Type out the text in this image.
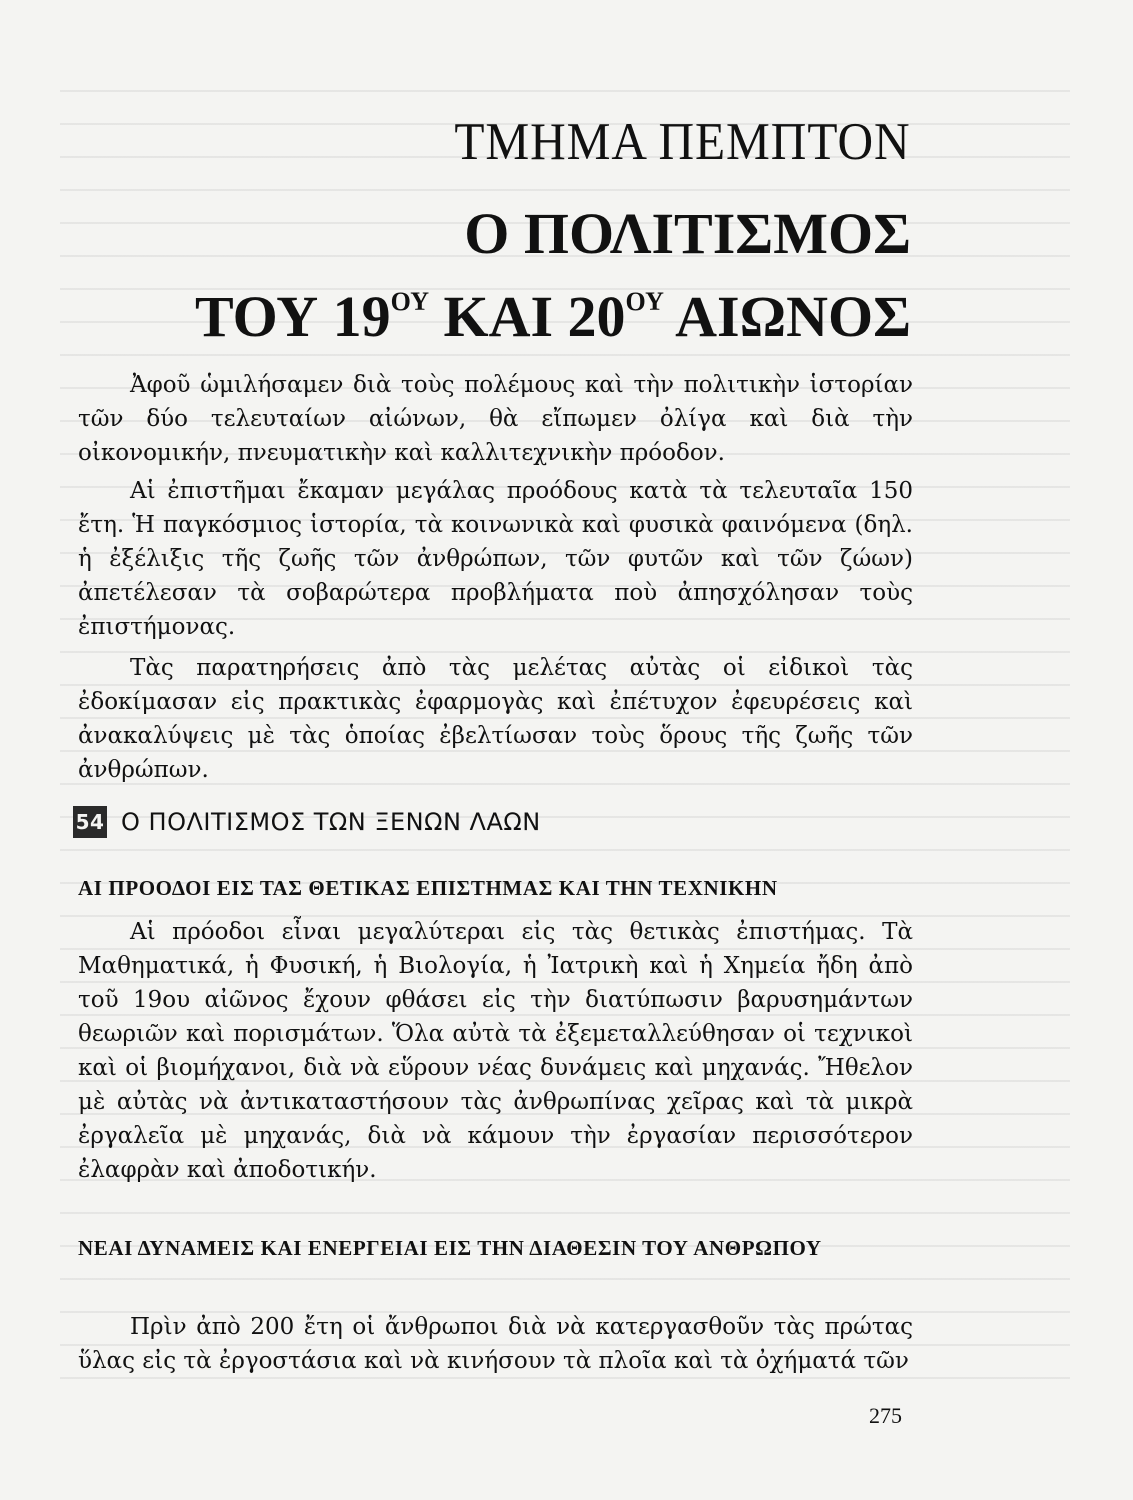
ΤΜΗΜΑ ΠΕΜΠΤΟΝ
Ο ΠΟΛΙΤΙΣΜΟΣ
ΤΟΥ $19^{O\Upsilon}$ ΚΑΙ $20^{O\Upsilon}$ ΑΙΩΝΟΣ

Ἀφοῦ ὡμιλήσαμεν διὰ τοὺς πολέμους καὶ τὴν πολιτικὴν ἱστορίαν τῶν δύο τελευταίων αἰώνων, θὰ εἴπωμεν ὀλίγα καὶ διὰ τὴν οἰκονομικήν, πνευματικὴν καὶ καλλιτεχνικὴν πρόοδον.

Αἱ ἐπιστῆμαι ἔκαμαν μεγάλας προόδους κατὰ τὰ τελευταῖα 150 ἔτη. Ἡ παγκόσμιος ἱστορία, τὰ κοινωνικὰ καὶ φυσικὰ φαινόμενα (δηλ. ἡ ἐξέλιξις τῆς ζωῆς τῶν ἀνθρώπων, τῶν φυτῶν καὶ τῶν ζώων) ἀπετέλεσαν τὰ σοβαρώτερα προβλήματα ποὺ ἀπησχόλησαν τοὺς ἐπιστήμονας.

Τὰς παρατηρήσεις ἀπὸ τὰς μελέτας αὐτὰς οἱ εἰδικοὶ τὰς ἐδοκίμασαν εἰς πρακτικὰς ἐφαρμογὰς καὶ ἐπέτυχον ἐφευρέσεις καὶ ἀνακαλύψεις μὲ τὰς ὁποίας ἐβελτίωσαν τοὺς ὅρους τῆς ζωῆς τῶν ἀνθρώπων.

54 Ο ΠΟΛΙΤΙΣΜΟΣ ΤΩΝ ΞΕΝΩΝ ΛΑΩΝ
ΑΙ ΠΡΟΟΔΟΙ ΕΙΣ ΤΑΣ ΘΕΤΙΚΑΣ ΕΠΙΣΤΗΜΑΣ ΚΑΙ ΤΗΝ ΤΕΧΝΙΚΗΝ

Αἱ πρόοδοι εἶναι μεγαλύτεραι εἰς τὰς θετικὰς ἐπιστήμας. Τὰ Μαθηματικά, ἡ Φυσική, ἡ Βιολογία, ἡ Ἰατρικὴ καὶ ἡ Χημεία ἤδη ἀπὸ τοῦ 19ου αἰῶνος ἔχουν φθάσει εἰς τὴν διατύπωσιν βαρυσημάντων θεωριῶν καὶ πορισμάτων. Ὅλα αὐτὰ τὰ ἐξεμεταλλεύθησαν οἱ τεχνικοὶ καὶ οἱ βιομήχανοι, διὰ νὰ εὕρουν νέας δυνάμεις καὶ μηχανάς. Ἤθελον μὲ αὐτὰς νὰ ἀντικαταστήσουν τὰς ἀνθρωπίνας χεῖρας καὶ τὰ μικρὰ ἐργαλεῖα μὲ μηχανάς, διὰ νὰ κάμουν τὴν ἐργασίαν περισσότερον ἐλαφρὰν καὶ ἀποδοτικήν.

ΝΕΑΙ ΔΥΝΑΜΕΙΣ ΚΑΙ ΕΝΕΡΓΕΙΑΙ ΕΙΣ ΤΗΝ ΔΙΑΘΕΣΙΝ ΤΟΥ ΑΝΘΡΩΠΟΥ

Πρὶν ἀπὸ 200 ἔτη οἱ ἄνθρωποι διὰ νὰ κατεργασθοῦν τὰς πρώτας ὕλας εἰς τὰ ἐργοστάσια καὶ νὰ κινήσουν τὰ πλοῖα καὶ τὰ ὀχήματά τῶν

275
